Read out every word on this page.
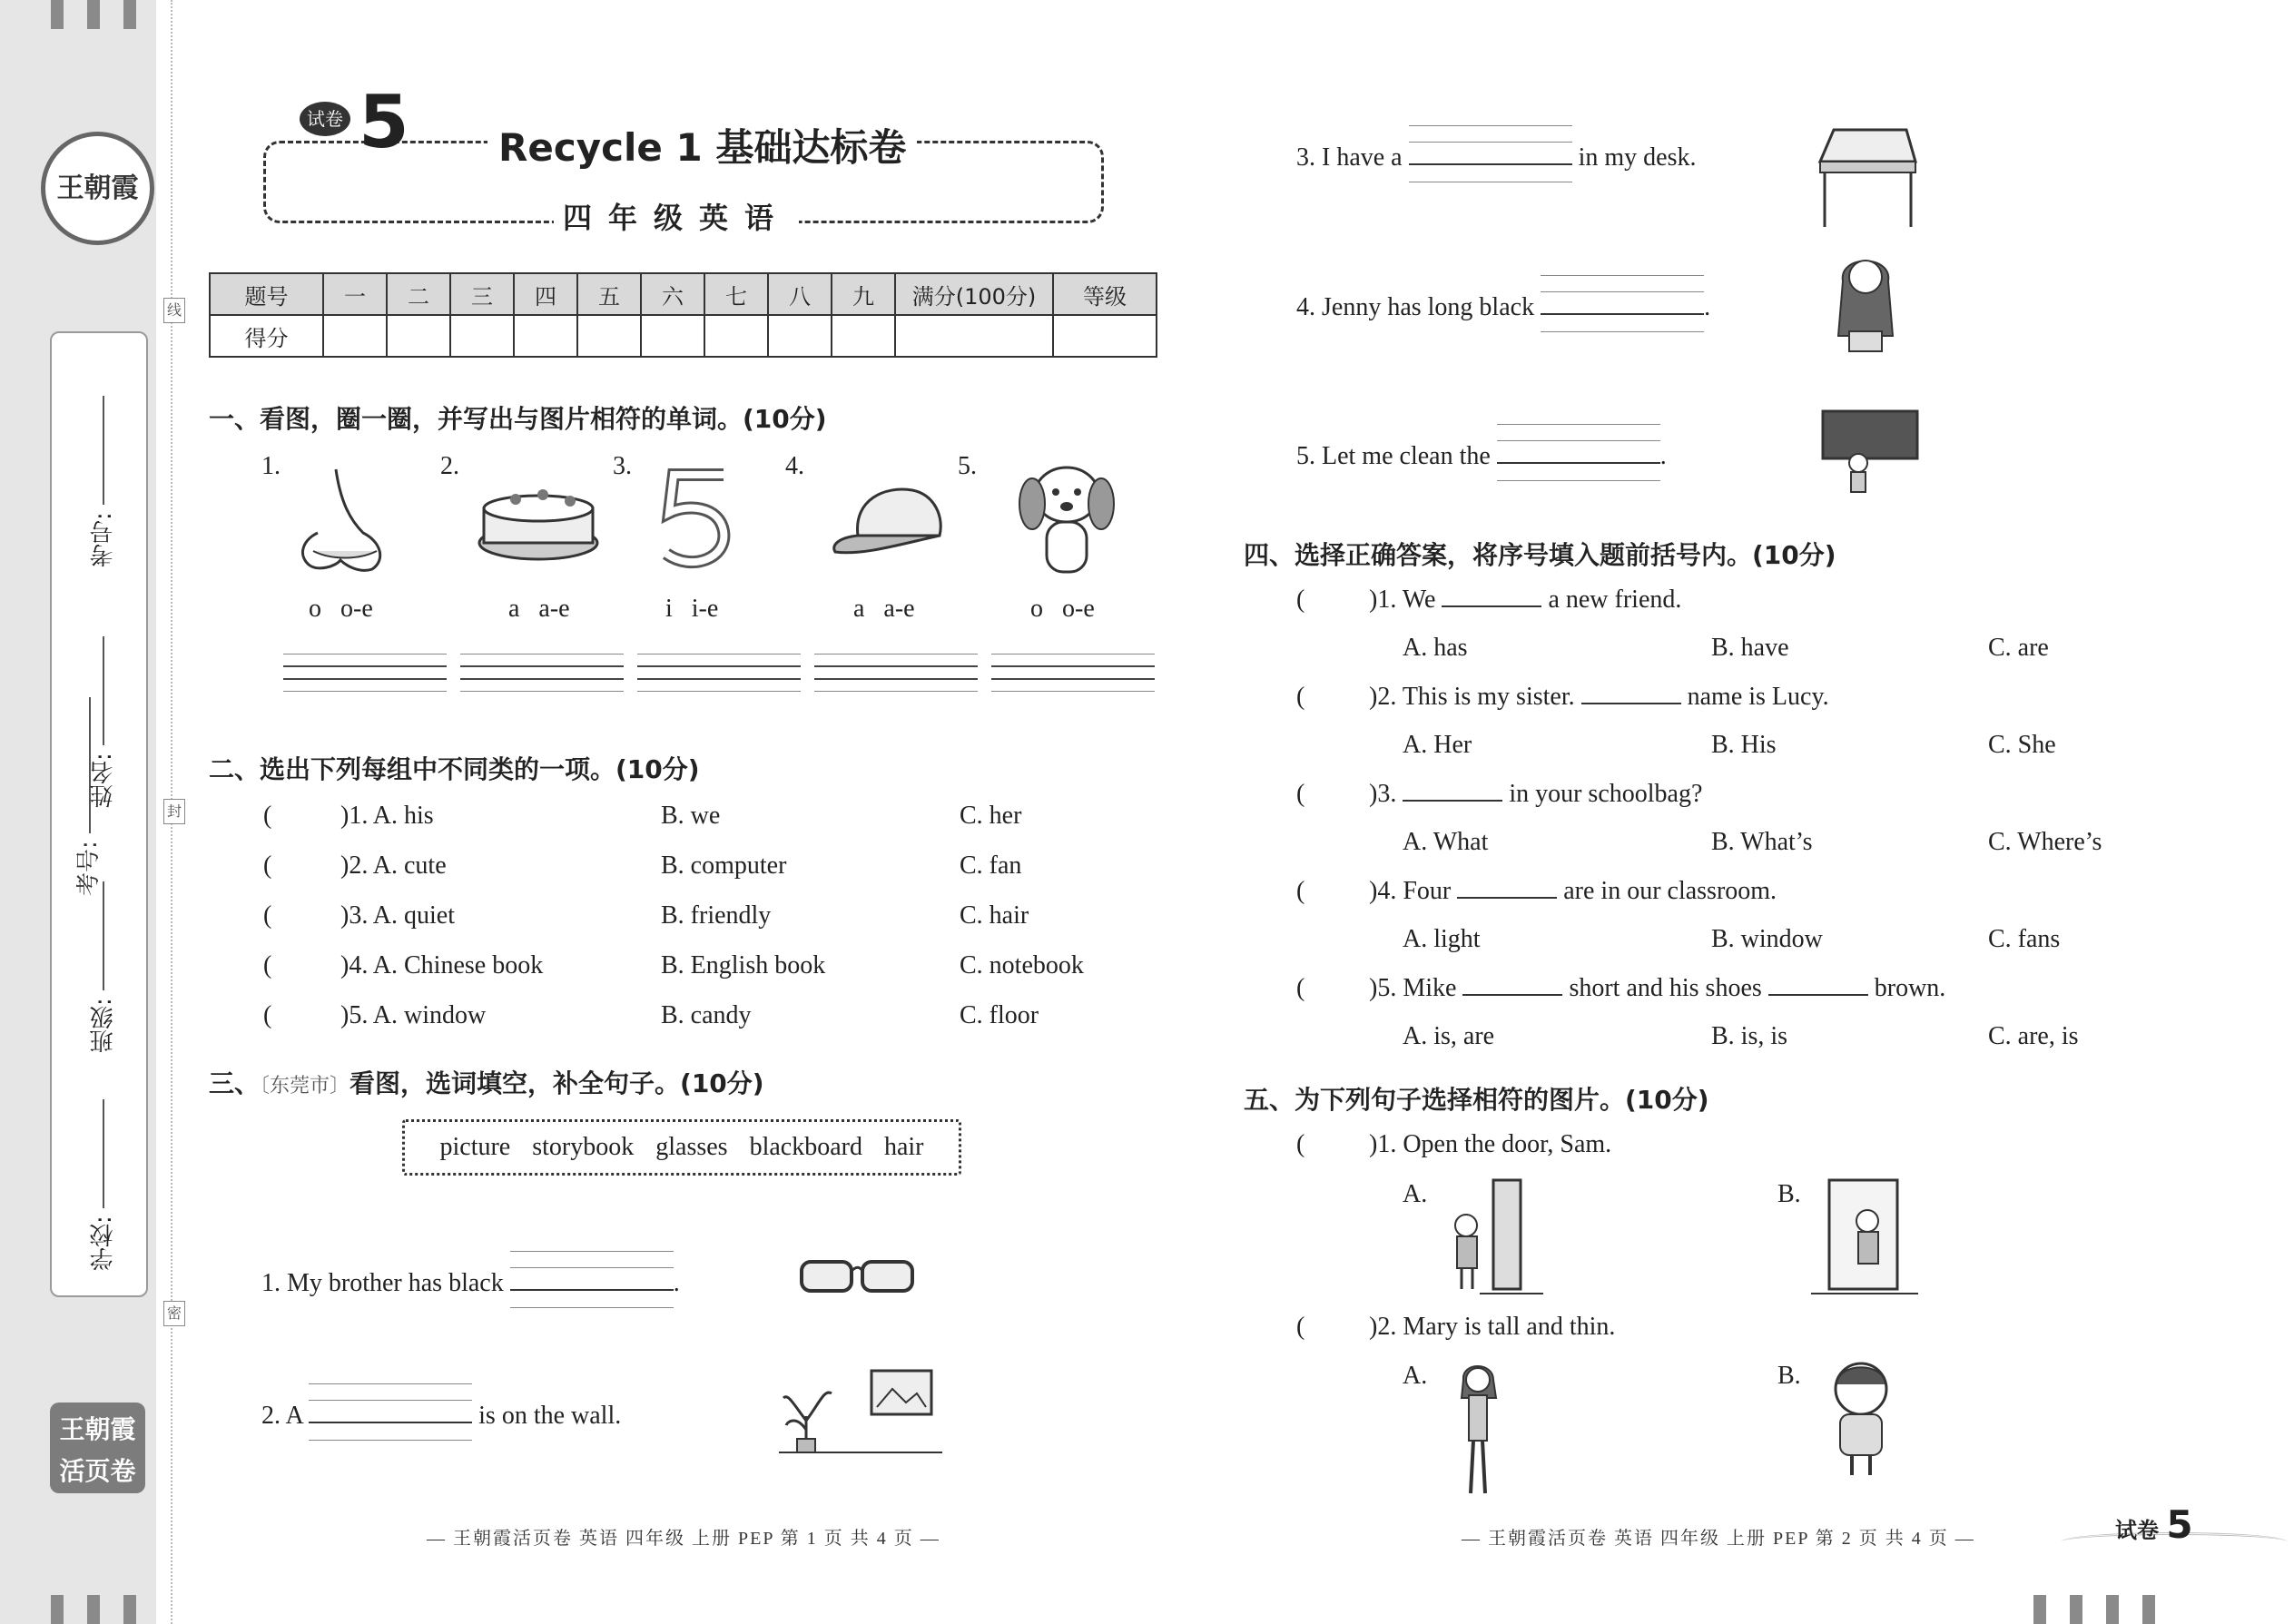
王朝霞
线
封
密
考号:
考号:
姓名:
班级:
学校:
王朝霞
活页卷
试卷 5 Recycle 1 基础达标卷
四年级英语
题号	一	二	三	四	五	六	七	八	九	满分(100分)	等级
得分											
一、看图，圈一圈，并写出与图片相符的单词。(10分)
1.	2.	3.	4.	5.
o o-e	a a-e	i i-e	a a-e	o o-e
二、选出下列每组中不同类的一项。(10分)
(	)1. A. his	B. we	C. her
(	)2. A. cute	B. computer	C. fan
(	)3. A. quiet	B. friendly	C. hair
(	)4. A. Chinese book	B. English book	C. notebook
(	)5. A. window	B. candy	C. floor
三、〔东莞市〕看图，选词填空，补全句子。(10分)
picture storybook glasses blackboard hair
1. My brother has black	.
2. A	is on the wall.
3. I have a	in my desk.
4. Jenny has long black	.
5. Let me clean the	.
四、选择正确答案，将序号填入题前括号内。(10分)
(	)1. We	a new friend.
A. has	B. have	C. are
(	)2. This is my sister.	name is Lucy.
A. Her	B. His	C. She
(	)3.	in your schoolbag?
A. What	B. What’s	C. Where’s
(	)4. Four	are in our classroom.
A. light	B. window	C. fans
(	)5. Mike	short and his shoes	brown.
A. is, are	B. is, is	C. are, is
五、为下列句子选择相符的图片。(10分)
(	)1. Open the door, Sam.
A.	B.
(	)2. Mary is tall and thin.
A.	B.
— 王朝霞活页卷 英语 四年级 上册 PEP 第 1 页 共 4 页 —	— 王朝霞活页卷 英语 四年级 上册 PEP 第 2 页 共 4 页 —	试卷 5
